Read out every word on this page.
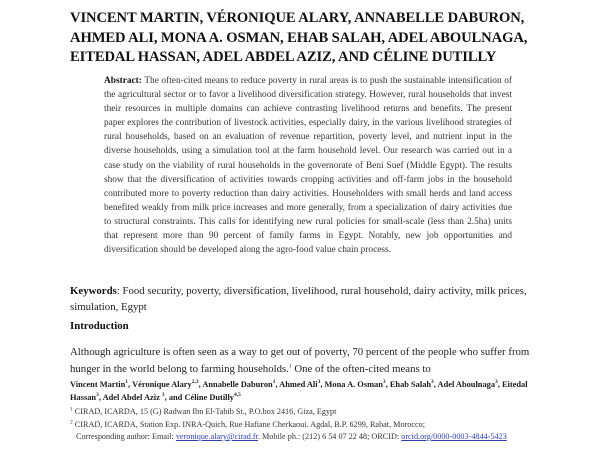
VINCENT MARTIN, VÉRONIQUE ALARY, ANNABELLE DABURON, AHMED ALI, MONA A. OSMAN, EHAB SALAH, ADEL ABOULNAGA, EITEDAL HASSAN, ADEL ABDEL AZIZ, AND CÉLINE DUTILLY
Abstract: The often-cited means to reduce poverty in rural areas is to push the sustainable intensification of the agricultural sector or to favor a livelihood diversification strategy. However, rural households that invest their resources in multiple domains can achieve contrasting livelihood returns and benefits. The present paper explores the contribution of livestock activities, especially dairy, in the various livelihood strategies of rural households, based on an evaluation of revenue repartition, poverty level, and nutrient input in the diverse households, using a simulation tool at the farm household level. Our research was carried out in a case study on the viability of rural households in the governorate of Beni Suef (Middle Egypt). The results show that the diversification of activities towards cropping activities and off-farm jobs in the household contributed more to poverty reduction than dairy activities. Householders with small herds and land access benefited weakly from milk price increases and more generally, from a specialization of dairy activities due to structural constraints. This calls for identifying new rural policies for small-scale (less than 2.5ha) units that represent more than 90 percent of family farms in Egypt. Notably, new job opportunities and diversification should be developed along the agro-food value chain process.
Keywords: Food security, poverty, diversification, livelihood, rural household, dairy activity, milk prices, simulation, Egypt
Introduction
Although agriculture is often seen as a way to get out of poverty, 70 percent of the people who suffer from hunger in the world belong to farming households.$^1$ One of the often-cited means to
Vincent Martin$^1$, Véronique Alary$^{2,3}$, Annabelle Daburon$^1$, Ahmed Ali$^3$, Mona A. Osman$^3$, Ehab Salah$^3$, Adel Aboulnaga$^3$, Eitedal Hassan$^3$, Adel Abdel Aziz $^3$, and Céline Dutilly$^{4,5}$
$^1$ CIRAD, ICARDA, 15 (G) Radwan Ibn El-Tabib St., P.O.box 2416, Giza, Egypt
$^2$ CIRAD, ICARDA, Station Exp. INRA-Quich, Rue Hafiane Cherkaoui. Agdal, B.P. 6299, Rabat, Morocco;
Corresponding author: Email: veronique.alary@cirad.fr. Mobile ph.: (212) 6 54 07 22 48; ORCID: orcid.org/0000-0003-4844-5423
